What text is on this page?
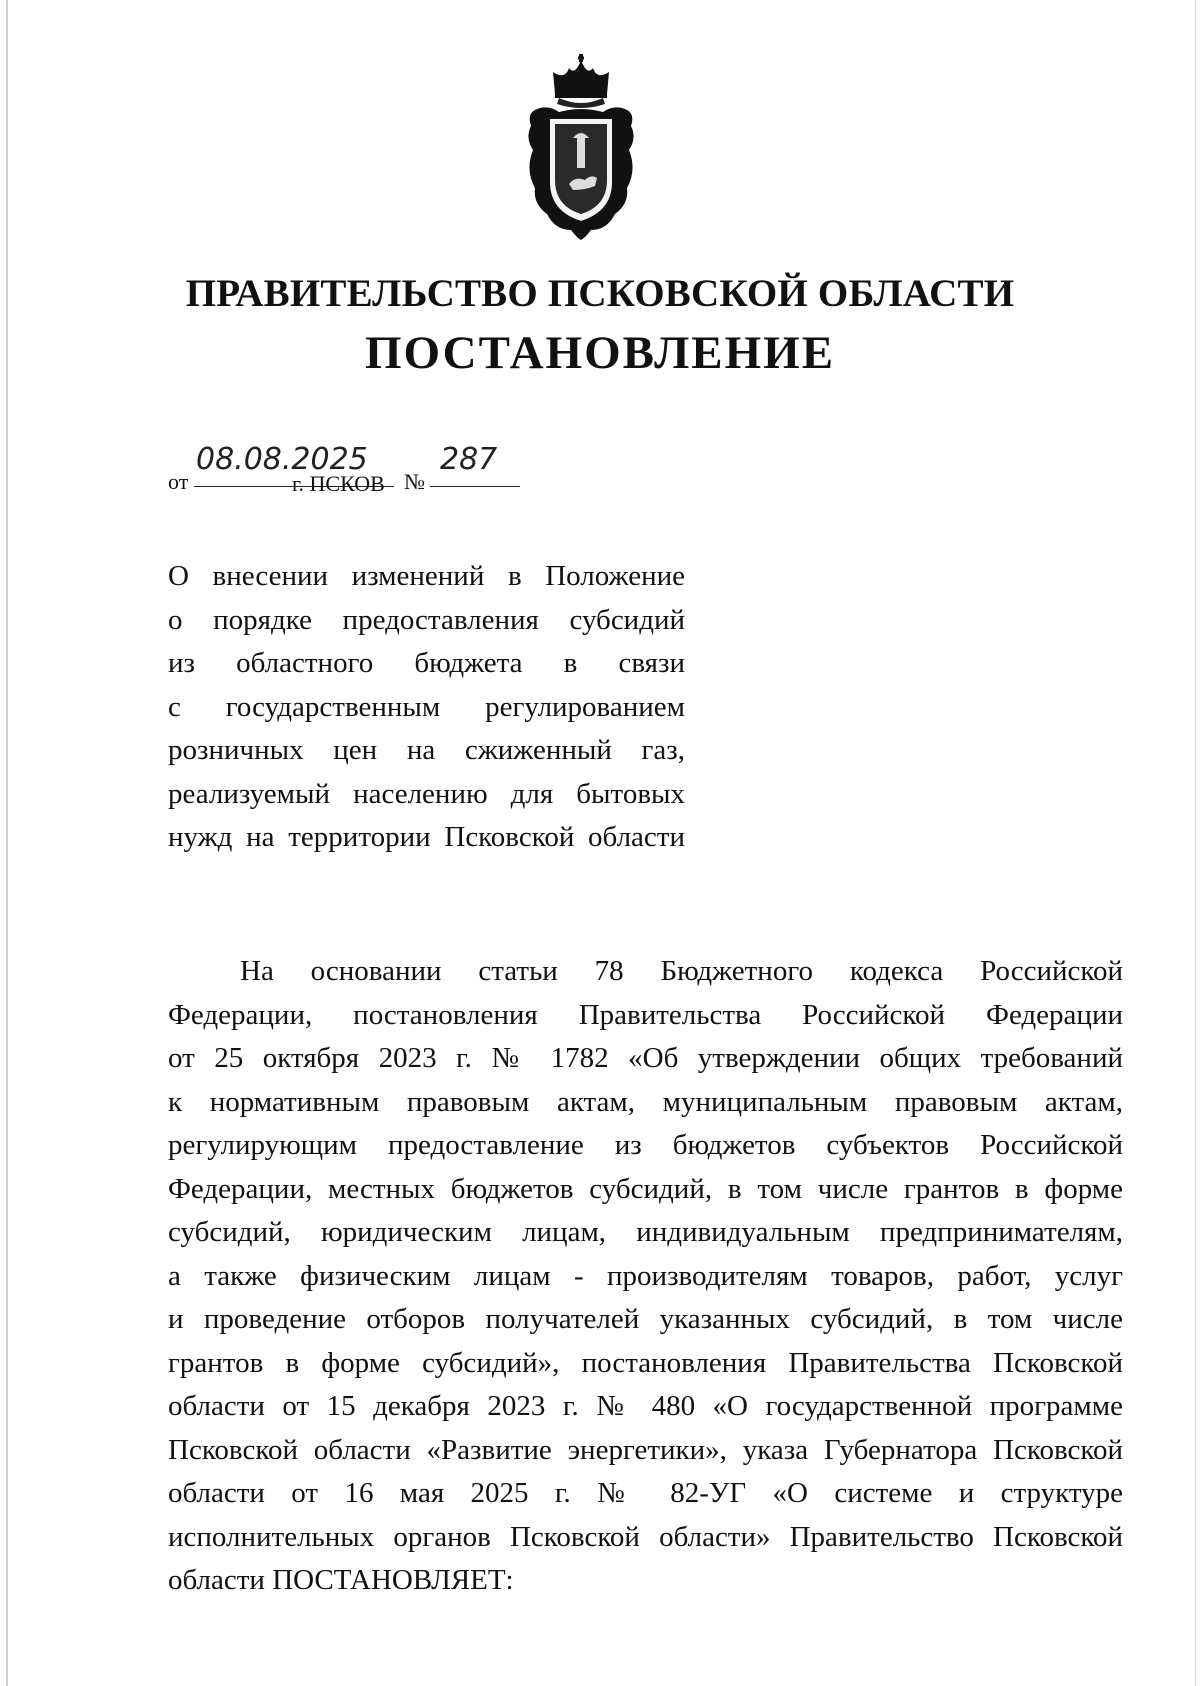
ПРАВИТЕЛЬСТВО ПСКОВСКОЙ ОБЛАСТИ
ПОСТАНОВЛЕНИЕ
от
08.08.2025
№
287
г. ПСКОВ

О внесении изменений в Положение
о порядке предоставления субсидий
из областного бюджета в связи
с государственным регулированием
розничных цен на сжиженный газ,
реализуемый населению для бытовых
нужд на территории Псковской области

На основании статьи 78 Бюджетного кодекса Российской
Федерации, постановления Правительства Российской Федерации
от 25 октября 2023 г. № 1782 «Об утверждении общих требований
к нормативным правовым актам, муниципальным правовым актам,
регулирующим предоставление из бюджетов субъектов Российской
Федерации, местных бюджетов субсидий, в том числе грантов в форме
субсидий, юридическим лицам, индивидуальным предпринимателям,
а также физическим лицам - производителям товаров, работ, услуг
и проведение отборов получателей указанных субсидий, в том числе
грантов в форме субсидий», постановления Правительства Псковской
области от 15 декабря 2023 г. № 480 «О государственной программе
Псковской области «Развитие энергетики», указа Губернатора Псковской
области от 16 мая 2025 г. № 82-УГ «О системе и структуре
исполнительных органов Псковской области» Правительство Псковской
области ПОСТАНОВЛЯЕТ:
